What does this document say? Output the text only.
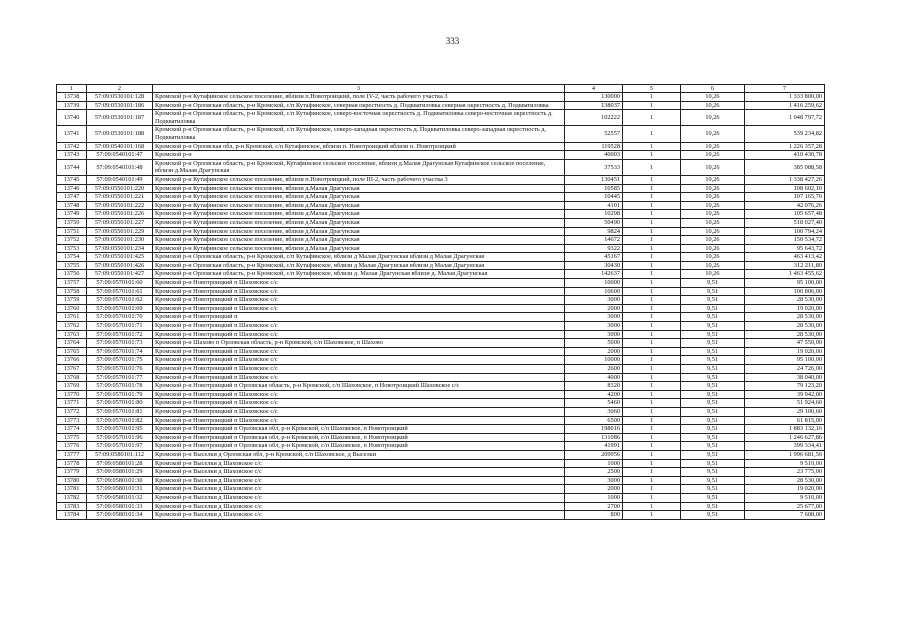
333
1	2	3	4	5	6	7
13738	57:09:0530101:128	Кромской р-н Кутафинское сельское поселение, вблизи п.Новотроицкий, поле IV-2, часть рабочего участка 3	130000	1	10,26	1 333 800,00
13739	57:09:0530101:186	Кромской р-н Орловская область, р-н Кромской, с/п Кутафинское, северная окрестность д. Подкватиловка северная окрестность д. Подкватиловка	138037	1	10,26	1 416 259,62
13740	57:09:0530101:187	Кромской р-н Орловская область, р-н Кромской, с/п Кутафинское, северо-восточная окрестность д. Подкватиловка северо-восточная окрестность д. Подкватиловка	102222	1	10,26	1 048 797,72
13741	57:09:0530101:188	Кромской р-н Орловская область, р-н Кромской, с/п Кутафинское, северо-западная окрестность д. Подкватиловка северо-западная окрестность д. Подкватиловка	52557	1	10,26	539 234,82
13742	57:09:0540101:168	Кромской р-н Орловская обл, р-н Кромской, с/п Кутафинское, вблизи п. Новотроицкий вблизи п. Новотроицкий	119528	1	10,26	1 226 357,28
13743	57:09:0540101:47	Кромской р-н	40003	1	10,26	410 430,78
13744	57:09:0540101:48	Кромской р-н Орловская область, р-н Кромской, Кутафинское сельское поселение, вблизи д.Малая Драгунская Кутафинское сельское поселение, вблизи д.Малая Драгунская	37533	1	10,26	385 088,58
13745	57:09:0540101:49	Кромской р-н Кутафинское сельское поселение, вблизи п.Новотроицкий, поле III-2, часть рабочего участка 3	130451	1	10,26	1 338 427,26
13746	57:09:0550101:220	Кромской р-н Кутафинское сельское поселение, вблизи д.Малая Драгунская	10585	1	10,26	108 602,10
13747	57:09:0550101:221	Кромской р-н Кутафинское сельское поселение, вблизи д.Малая Драгунская	10445	1	10,26	107 165,70
13748	57:09:0550101:222	Кромской р-н Кутафинское сельское поселение, вблизи д.Малая Драгунская	4101	1	10,26	42 076,26
13749	57:09:0550101:226	Кромской р-н Кутафинское сельское поселение, вблизи д.Малая Драгунская	10298	1	10,26	105 657,48
13750	57:09:0550101:227	Кромской р-н Кутафинское сельское поселение, вблизи д.Малая Драгунская	50490	1	10,26	518 027,40
13751	57:09:0550101:229	Кромской р-н Кутафинское сельское поселение, вблизи д.Малая Драгунская	9824	1	10,26	100 794,24
13752	57:09:0550101:230	Кромской р-н Кутафинское сельское поселение, вблизи д.Малая Драгунская	14672	1	10,26	150 534,72
13753	57:09:0550101:234	Кромской р-н Кутафинское сельское поселение, вблизи д.Малая Драгунская	9322	1	10,26	95 643,72
13754	57:09:0550101:425	Кромской р-н Орловская область, р-н Кромской, с/п Кутафинское, вблизи д Малая Драгунская вблизи д Малая Драгунская	45167	1	10,26	463 413,42
13755	57:09:0550101:426	Кромской р-н Орловская область, р-н Кромской, с/п Кутафинское, вблизи д Малая Драгунская вблизи д Малая Драгунская	30430	1	10,26	312 211,80
13756	57:09:0550101:427	Кромской р-н Орловская область, р-н Кромской, с/п Кутафинское, вблизи д. Малая Драгунская вблизи д. Малая Драгунская	142637	1	10,26	1 463 455,62
13757	57:09:0570101:60	Кромской р-н Новотроицкий п Шаховское с/с	10000	1	9,51	95 100,00
13758	57:09:0570101:61	Кромской р-н Новотроицкий п Шаховское с/с	10600	1	9,51	100 806,00
13759	57:09:0570101:62	Кромской р-н Новотроицкий п Шаховское с/с	3000	1	9,51	28 530,00
13760	57:09:0570101:69	Кромской р-н Новотроицкий п Шаховское с/с	2000	1	9,51	19 020,00
13761	57:09:0570101:70	Кромской р-н Новотроицкий п	3000	1	9,51	28 530,00
13762	57:09:0570101:71	Кромской р-н Новотроицкий п Шаховское с/с	3000	1	9,51	28 530,00
13763	57:09:0570101:72	Кромской р-н Новотроицкий п Шаховское с/с	3000	1	9,51	28 530,00
13764	57:09:0570101:73	Кромской р-н Шахово п Орловская область, р-н Кромской, с/п Шаховское, п Шахово	5000	1	9,51	47 550,00
13765	57:09:0570101:74	Кромской р-н Новотроицкий п Шаховское с/с	2000	1	9,51	19 020,00
13766	57:09:0570101:75	Кромской р-н Новотроицкий п Шаховское с/с	10000	1	9,51	95 100,00
13767	57:09:0570101:76	Кромской р-н Новотроицкий п Шаховское с/с	2600	1	9,51	24 726,00
13768	57:09:0570101:77	Кромской р-н Новотроицкий п Шаховское с/с	4000	1	9,51	38 040,00
13769	57:09:0570101:78	Кромской р-н Новотроицкий п Орловская область, р-н Кромской, с/п Шаховское, п Новотроицкий Шаховское с/с	8320	1	9,51	79 123,20
13770	57:09:0570101:79	Кромской р-н Новотроицкий п Шаховское с/с	4200	1	9,51	39 942,00
13771	57:09:0570101:80	Кромской р-н Новотроицкий п Шаховское с/с	5460	1	9,51	51 924,60
13772	57:09:0570101:81	Кромской р-н Новотроицкий п Шаховское с/с	3060	1	9,51	29 100,60
13773	57:09:0570101:82	Кромской р-н Новотроицкий п Шаховское с/с	6500	1	9,51	61 815,00
13774	57:09:0570101:95	Кромской р-н Новотроицкий п Орловская обл, р-н Кромской, с/п Шаховское, п Новотроицкий	198016	1	9,51	1 883 132,16
13775	57:09:0570101:96	Кромской р-н Новотроицкий п Орловская обл, р-н Кромской, с/п Шаховское, п Новотроицкий	131086	1	9,51	1 246 627,86
13776	57:09:0570101:97	Кромской р-н Новотроицкий п Орловская обл, р-н Кромской, с/п Шаховское, п Новотроицкий	41991	1	9,51	399 334,41
13777	57:09:0580101:112	Кромской р-н Выселки д Орловская обл, р-н Кромской, с/п Шаховское, д Выселки	209956	1	9,51	1 996 681,56
13778	57:09:0580101:28	Кромской р-н Выселки д Шаховское с/с	1000	1	9,51	9 510,00
13779	57:09:0580101:29	Кромской р-н Выселки д Шаховское с/с	2500	1	9,51	23 775,00
13780	57:09:0580101:30	Кромской р-н Выселки д Шаховское с/с	3000	1	9,51	28 530,00
13781	57:09:0580101:31	Кромской р-н Выселки д Шаховское с/с	2000	1	9,51	19 020,00
13782	57:09:0580101:32	Кромской р-н Выселки д Шаховское с/с	1000	1	9,51	9 510,00
13783	57:09:0580101:33	Кромской р-н Выселки д Шаховское с/с	2700	1	9,51	25 677,00
13784	57:09:0580101:34	Кромской р-н Выселки д Шаховское с/с	800	1	9,51	7 608,00
